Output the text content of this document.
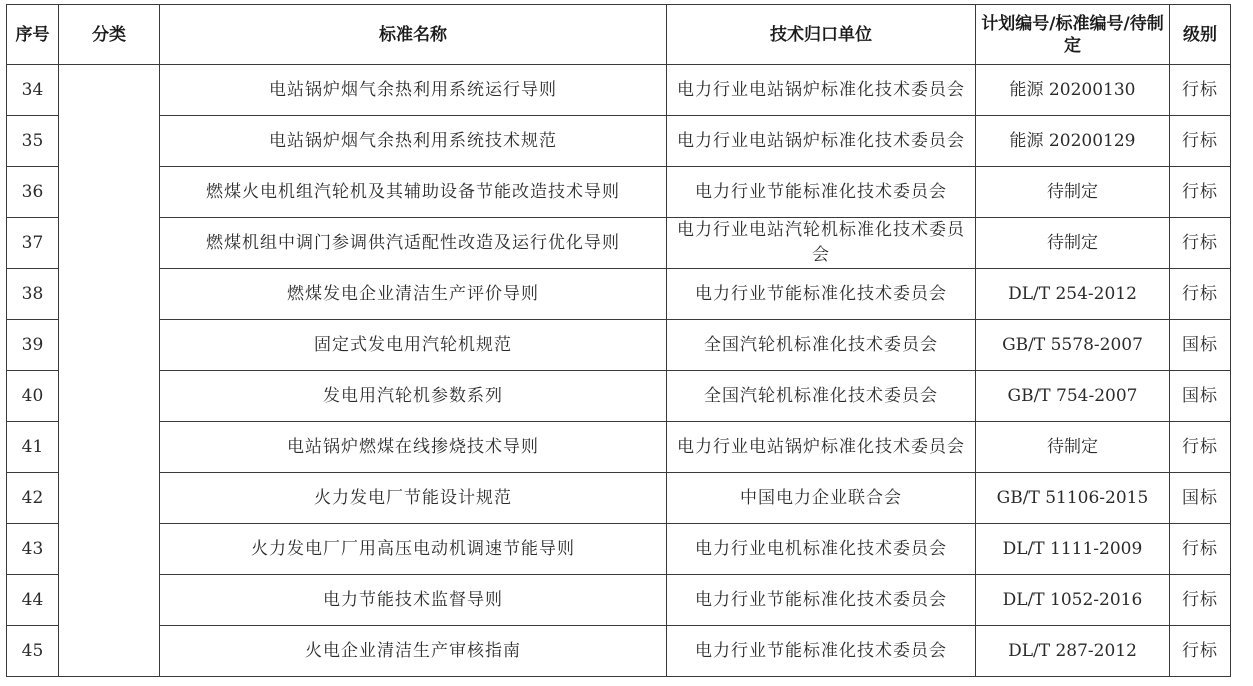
序号	分类	标准名称	技术归口单位	计划编号/标准编号/待制定	级别
34		电站锅炉烟气余热利用系统运行导则	电力行业电站锅炉标准化技术委员会	能源 20200130	行标
35		电站锅炉烟气余热利用系统技术规范	电力行业电站锅炉标准化技术委员会	能源 20200129	行标
36		燃煤火电机组汽轮机及其辅助设备节能改造技术导则	电力行业节能标准化技术委员会	待制定	行标
37		燃煤机组中调门参调供汽适配性改造及运行优化导则	电力行业电站汽轮机标准化技术委员会	待制定	行标
38		燃煤发电企业清洁生产评价导则	电力行业节能标准化技术委员会	DL/T 254-2012	行标
39		固定式发电用汽轮机规范	全国汽轮机标准化技术委员会	GB/T 5578-2007	国标
40		发电用汽轮机参数系列	全国汽轮机标准化技术委员会	GB/T 754-2007	国标
41		电站锅炉燃煤在线掺烧技术导则	电力行业电站锅炉标准化技术委员会	待制定	行标
42		火力发电厂节能设计规范	中国电力企业联合会	GB/T 51106-2015	国标
43		火力发电厂厂用高压电动机调速节能导则	电力行业电机标准化技术委员会	DL/T 1111-2009	行标
44		电力节能技术监督导则	电力行业节能标准化技术委员会	DL/T 1052-2016	行标
45		火电企业清洁生产审核指南	电力行业节能标准化技术委员会	DL/T 287-2012	行标
